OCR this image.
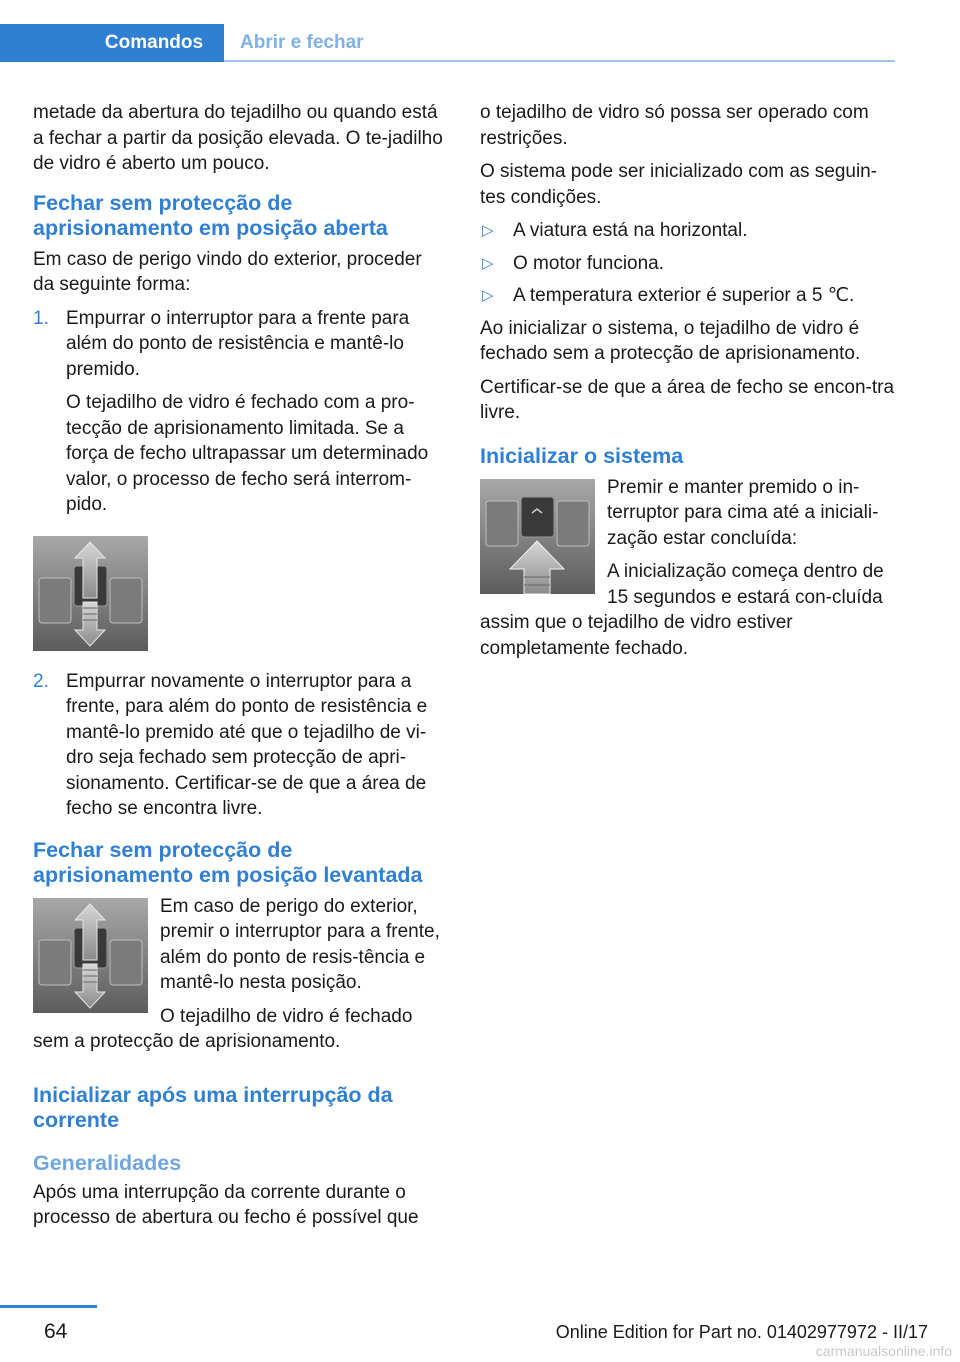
Comandos	Abrir e fechar

metade da abertura do tejadilho ou quando está a fechar a partir da posição elevada. O te‐jadilho de vidro é aberto um pouco.

Fechar sem protecção de aprisionamento em posição aberta

Em caso de perigo vindo do exterior, proceder da seguinte forma:

1. Empurrar o interruptor para a frente para além do ponto de resistência e mantê-lo premido.

O tejadilho de vidro é fechado com a pro‐tecção de aprisionamento limitada. Se a força de fecho ultrapassar um determinado valor, o processo de fecho será interrom‐pido.

2. Empurrar novamente o interruptor para a frente, para além do ponto de resistência e mantê-lo premido até que o tejadilho de vi‐dro seja fechado sem protecção de apri‐sionamento. Certificar-se de que a área de fecho se encontra livre.

Fechar sem protecção de aprisionamento em posição levantada

Em caso de perigo do exterior, premir o interruptor para a frente, além do ponto de resis‐tência e mantê-lo nesta posição.

O tejadilho de vidro é fechado sem a protecção de aprisionamento.

Inicializar após uma interrupção da corrente
Generalidades

Após uma interrupção da corrente durante o processo de abertura ou fecho é possível que

o tejadilho de vidro só possa ser operado com restrições.

O sistema pode ser inicializado com as seguin‐tes condições.

▷ A viatura está na horizontal.
▷ O motor funciona.
▷ A temperatura exterior é superior a 5 ℃.

Ao inicializar o sistema, o tejadilho de vidro é fechado sem a protecção de aprisionamento.

Certificar-se de que a área de fecho se encon‐tra livre.

Inicializar o sistema

Premir e manter premido o in‐terruptor para cima até a iniciali‐zação estar concluída:

A inicialização começa dentro de 15 segundos e estará con‐cluída assim que o tejadilho de vidro estiver completamente fechado.

64	Online Edition for Part no. 01402977972 - II/17
carmanualsonline.info
